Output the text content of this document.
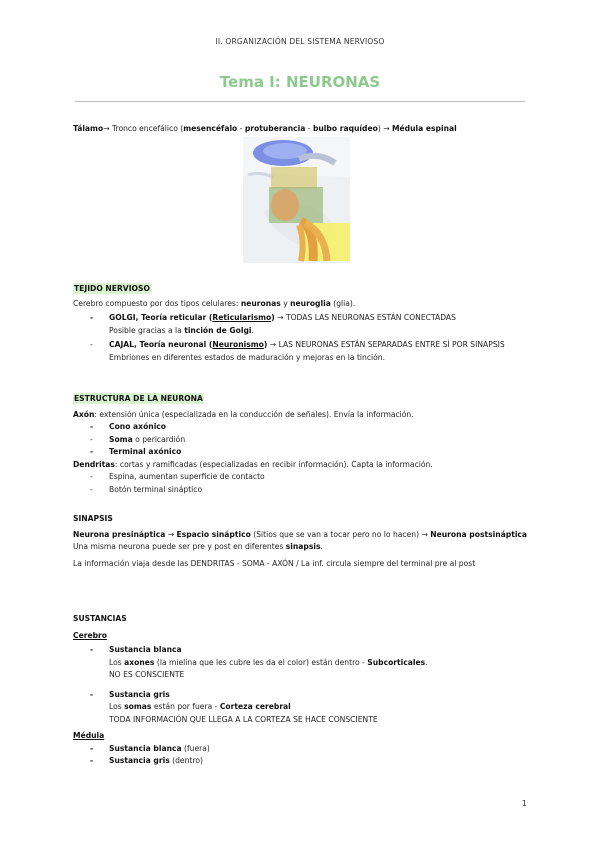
II. ORGANIZACIÓN DEL SISTEMA NERVIOSO
Tema I: NEURONAS
Tálamo→ Tronco encefálico (mesencéfalo - protuberancia - bulbo raquídeo) → Médula espinal
TEJIDO NERVIOSO
Cerebro compuesto por dos tipos celulares: neuronas y neuroglia (glia).
- GOLGI, Teoría reticular (Reticularismo) → TODAS LAS NEURONAS ESTÁN CONECTADAS
Posible gracias a la tinción de Golgi.
- CAJAL, Teoría neuronal (Neuronismo) → LAS NEURONAS ESTÁN SEPARADAS ENTRE SÍ POR SINAPSIS
Embriones en diferentes estados de maduración y mejoras en la tinción.
ESTRUCTURA DE LA NEURONA
Axón: extensión única (especializada en la conducción de señales). Envía la información.
- Cono axónico
- Soma o pericardión
- Terminal axónico
Dendritas: cortas y ramificadas (especializadas en recibir información). Capta la información.
- Espina, aumentan superficie de contacto
- Botón terminal sináptico
SINAPSIS
Neurona presináptica → Espacio sináptico (Sitios que se van a tocar pero no lo hacen) → Neurona postsináptica
Una misma neurona puede ser pre y post en diferentes sinapsis.
La información viaja desde las DENDRITAS - SOMA - AXÓN / La inf. circula siempre del terminal pre al post
SUSTANCIAS
Cerebro
- Sustancia blanca
Los axones (la mielina que les cubre les da el color) están dentro - Subcorticales.
NO ES CONSCIENTE
- Sustancia gris
Los somas están por fuera - Corteza cerebral
TODA INFORMACIÓN QUE LLEGA A LA CORTEZA SE HACE CONSCIENTE
Médula
- Sustancia blanca (fuera)
- Sustancia gris (dentro)
1
